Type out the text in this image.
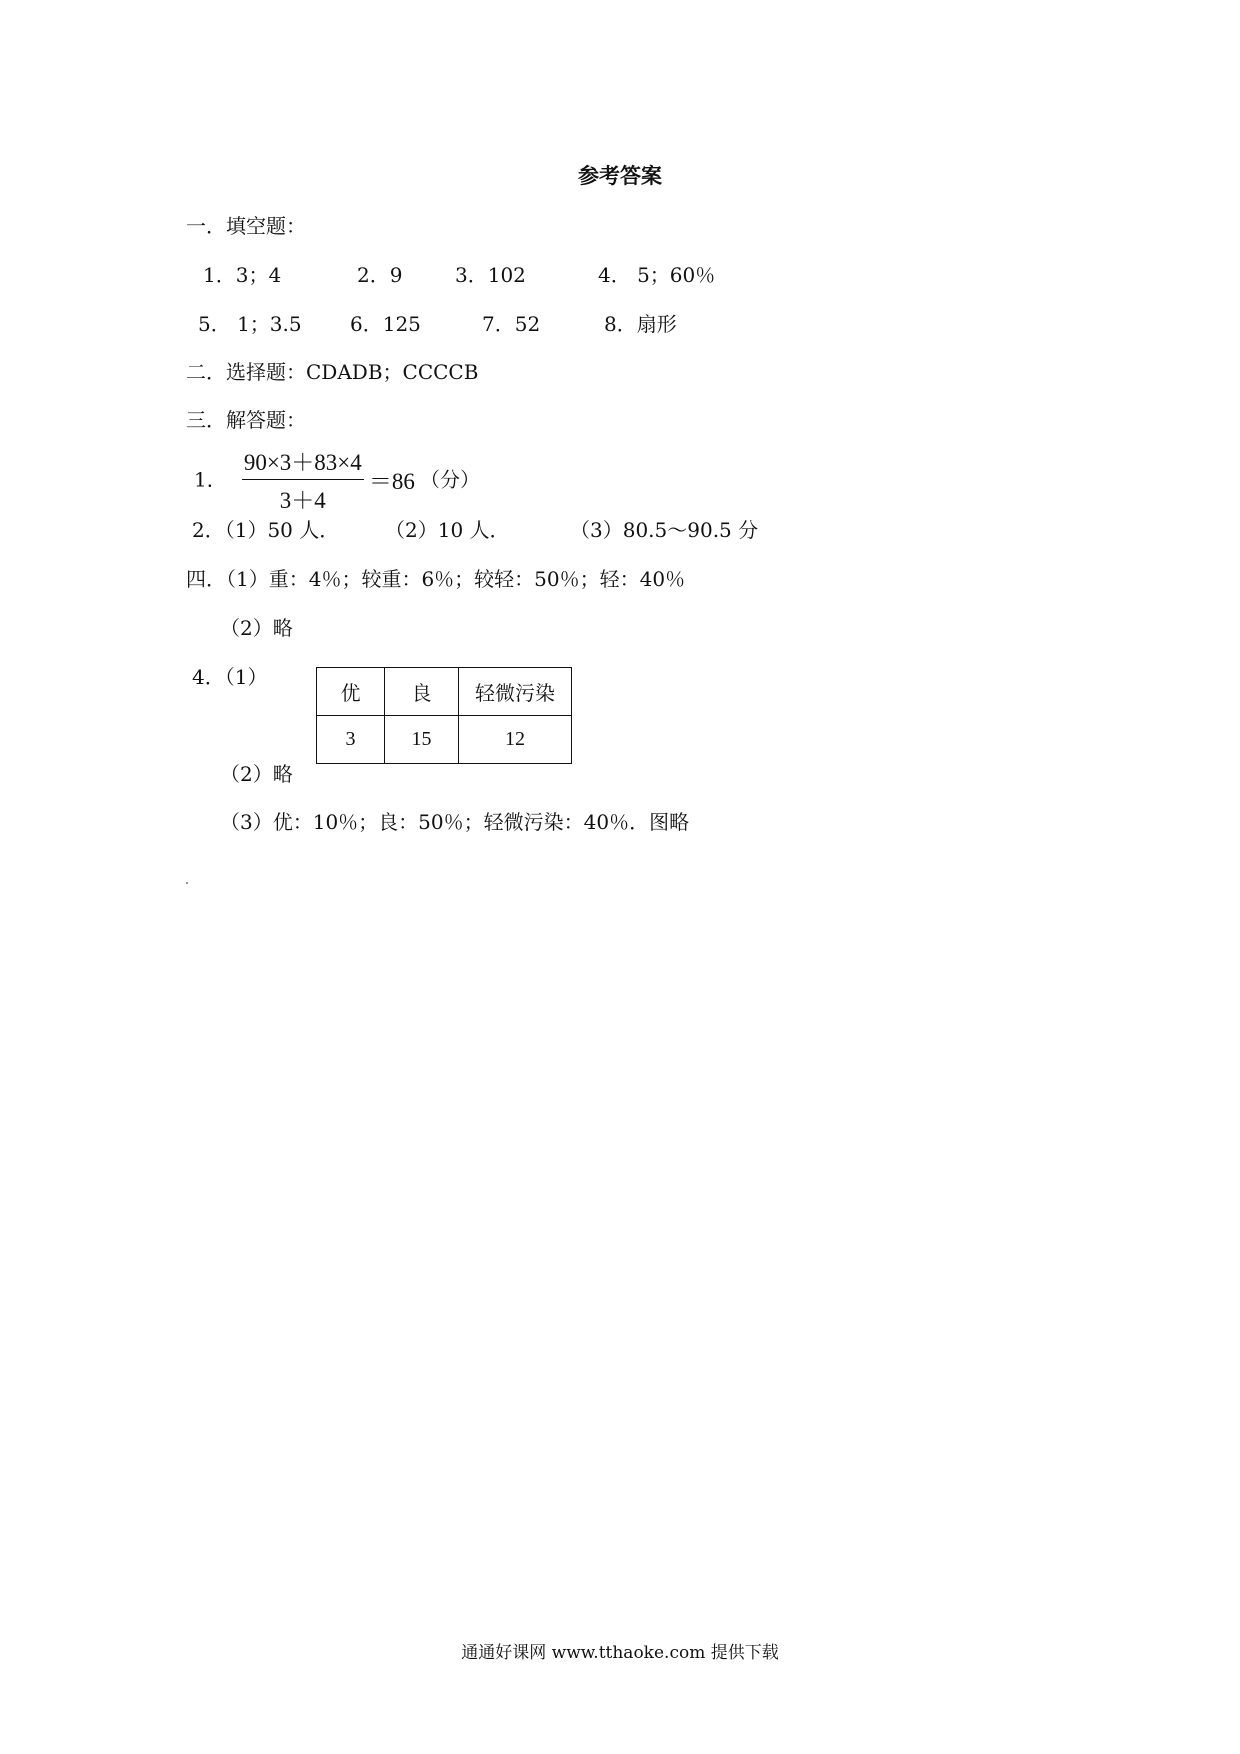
参考答案
一．填空题：
1．3；4	2．9	3．102	4． 5；60％
5． 1；3.5 6．125	7．52	8．扇形
二．选择题：CDADB；CCCCB
三．解答题：
1． $\frac{90\times 3+83\times 4}{3+4} =86$ （分）
2．（1）50 人． （2）10 人．	（3）80.5～90.5 分
四．（1）重：4％；较重：6％；较轻：50％；轻：40％
（2）略
4．（1）
优	良	轻微污染
3	15	12
（2）略
（3）优：10％；良：50％；轻微污染：40％．图略
通通好课网 www.tthaoke.com 提供下载
